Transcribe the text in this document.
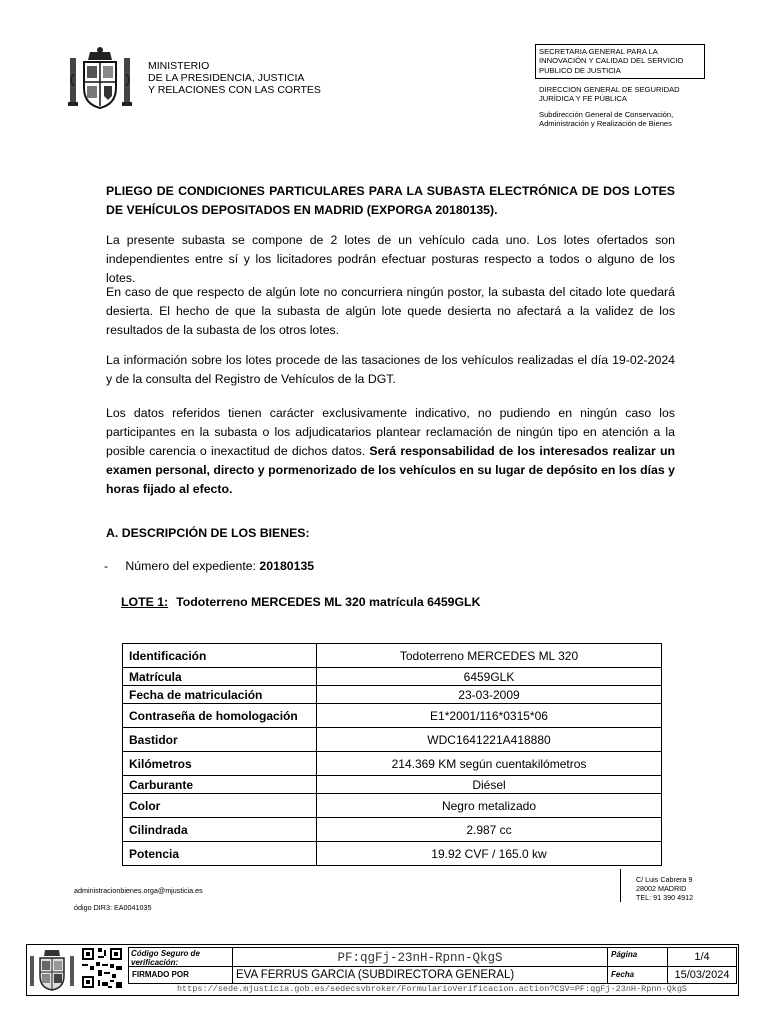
MINISTERIO
DE LA PRESIDENCIA, JUSTICIA
Y RELACIONES CON LAS CORTES
SECRETARIA GENERAL PARA LA
INNOVACIÓN Y CALIDAD DEL SERVICIO
PUBLICO DE JUSTICIA
DIRECCION GENERAL DE SEGURIDAD
JURÍDICA Y FE PÚBLICA
Subdirección General de Conservación,
Administración y Realización de Bienes
PLIEGO DE CONDICIONES PARTICULARES PARA LA SUBASTA ELECTRÓNICA DE DOS LOTES DE VEHÍCULOS DEPOSITADOS EN MADRID (EXPORGA 20180135).
La presente subasta se compone de 2 lotes de un vehículo cada uno. Los lotes ofertados son independientes entre sí y los licitadores podrán efectuar posturas respecto a todos o alguno de los lotes.
En caso de que respecto de algún lote no concurriera ningún postor, la subasta del citado lote quedará desierta. El hecho de que la subasta de algún lote quede desierta no afectará a la validez de los resultados de la subasta de los otros lotes.
La información sobre los lotes procede de las tasaciones de los vehículos realizadas el día 19-02-2024 y de la consulta del Registro de Vehículos de la DGT.
Los datos referidos tienen carácter exclusivamente indicativo, no pudiendo en ningún caso los participantes en la subasta o los adjudicatarios plantear reclamación de ningún tipo en atención a la posible carencia o inexactitud de dichos datos. Será responsabilidad de los interesados realizar un examen personal, directo y pormenorizado de los vehículos en su lugar de depósito en los días y horas fijado al efecto.
A. DESCRIPCIÓN DE LOS BIENES:
- Número del expediente: 20180135
LOTE 1: Todoterreno MERCEDES ML 320 matrícula 6459GLK
Identificación	Todoterreno MERCEDES ML 320
Matrícula	6459GLK
Fecha de matriculación	23-03-2009
Contraseña de homologación	E1*2001/116*0315*06
Bastidor	WDC1641221A418880
Kilómetros	214.369 KM según cuentakilómetros
Carburante	Diésel
Color	Negro metalizado
Cilindrada	2.987 cc
Potencia	19.92 CVF / 165.0 kw
administracionbienes.orga@mjusticia.es
ódigo DIR3: EA0041035
C/ Luis Cabrera 9
28002 MADRID
TEL: 91 390 4912
Código Seguro de verificación:	PF:qgFj-23nH-Rpnn-QkgS	Página	1/4
FIRMADO POR	EVA FERRUS GARCIA (SUBDIRECTORA GENERAL)	Fecha	15/03/2024
https://sede.mjusticia.gob.es/sedecsvbroker/FormularioVerificacion.action?CSV=PF:qgFj-23nH-Rpnn-QkgS
